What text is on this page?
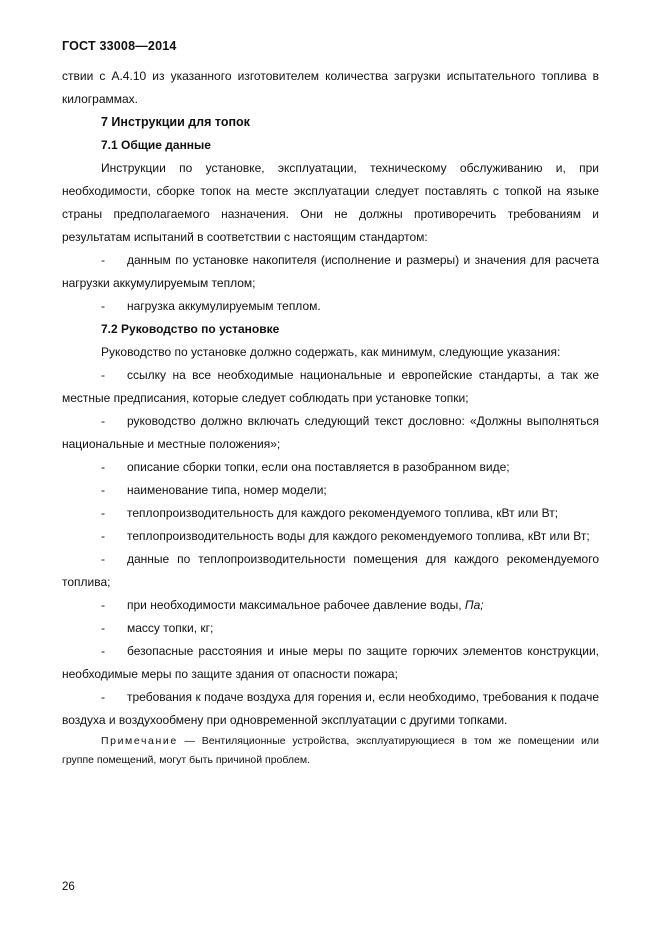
ГОСТ 33008—2014

ствии с А.4.10 из указанного изготовителем количества загрузки испытательного топлива в килограммах.

7 Инструкции для топок

7.1 Общие данные

Инструкции по установке, эксплуатации, техническому обслуживанию и, при необходимости, сборке топок на месте эксплуатации следует поставлять с топкой на языке страны предполагаемого назначения. Они не должны противоречить требованиям и результатам испытаний в соответствии с настоящим стандартом:

- данным по установке накопителя (исполнение и размеры) и значения для расчета нагрузки аккумулируемым теплом;

- нагрузка аккумулируемым теплом.

7.2 Руководство по установке

Руководство по установке должно содержать, как минимум, следующие указания:

- ссылку на все необходимые национальные и европейские стандарты, а так же местные предписания, которые следует соблюдать при установке топки;

- руководство должно включать следующий текст дословно: «Должны выполняться национальные и местные положения»;

- описание сборки топки, если она поставляется в разобранном виде;

- наименование типа, номер модели;

- теплопроизводительность для каждого рекомендуемого топлива, кВт или Вт;

- теплопроизводительность воды для каждого рекомендуемого топлива, кВт или Вт;

- данные по теплопроизводительности помещения для каждого рекомендуемого топлива;

- при необходимости максимальное рабочее давление воды, Па;

- массу топки, кг;

- безопасные расстояния и иные меры по защите горючих элементов конструкции, необходимые меры по защите здания от опасности пожара;

- требования к подаче воздуха для горения и, если необходимо, требования к подаче воздуха и воздухообмену при одновременной эксплуатации с другими топками.

Примечание — Вентиляционные устройства, эксплуатирующиеся в том же помещении или группе помещений, могут быть причиной проблем.

26
